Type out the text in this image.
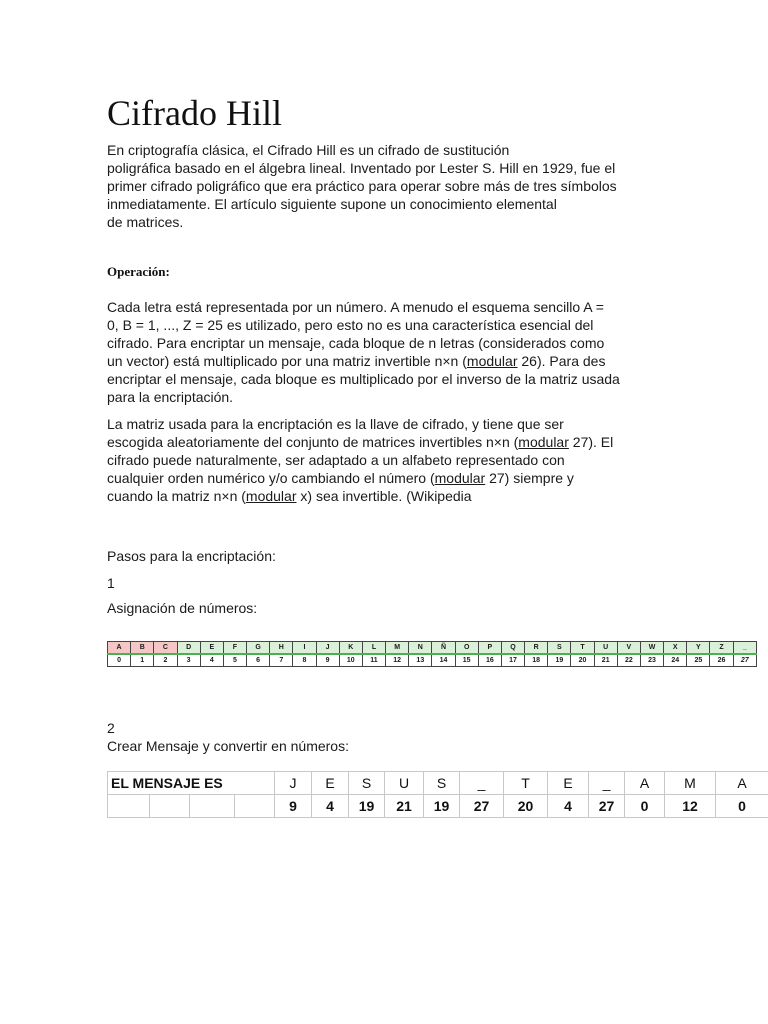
Cifrado Hill

En criptografía clásica, el Cifrado Hill es un cifrado de sustitución
poligráfica basado en el álgebra lineal. Inventado por Lester S. Hill en 1929, fue el
primer cifrado poligráfico que era práctico para operar sobre más de tres símbolos
inmediatamente. El artículo siguiente supone un conocimiento elemental
de matrices.

Operación:

Cada letra está representada por un número. A menudo el esquema sencillo A =
0, B = 1, ..., Z = 25 es utilizado, pero esto no es una característica esencial del
cifrado. Para encriptar un mensaje, cada bloque de n letras (considerados como
un vector) está multiplicado por una matriz invertible n×n (modular 26). Para des
encriptar el mensaje, cada bloque es multiplicado por el inverso de la matriz usada
para la encriptación.

La matriz usada para la encriptación es la llave de cifrado, y tiene que ser
escogida aleatoriamente del conjunto de matrices invertibles n×n (modular 27). El
cifrado puede naturalmente, ser adaptado a un alfabeto representado con
cualquier orden numérico y/o cambiando el número (modular 27) siempre y
cuando la matriz n×n (modular x) sea invertible. (Wikipedia

Pasos para la encriptación:

1

Asignación de números:

A	B	C	D	E	F	G	H	I	J	K	L	M	N	Ñ	O	P	Q	R	S	T	U	V	W	X	Y	Z	_
0	1	2	3	4	5	6	7	8	9	10	11	12	13	14	15	16	17	18	19	20	21	22	23	24	25	26	27

2

Crear Mensaje y convertir en números:

EL MENSAJE ES				J	E	S	U	S	_	T	E	_	A	M	A
				9	4	19	21	19	27	20	4	27	0	12	0
